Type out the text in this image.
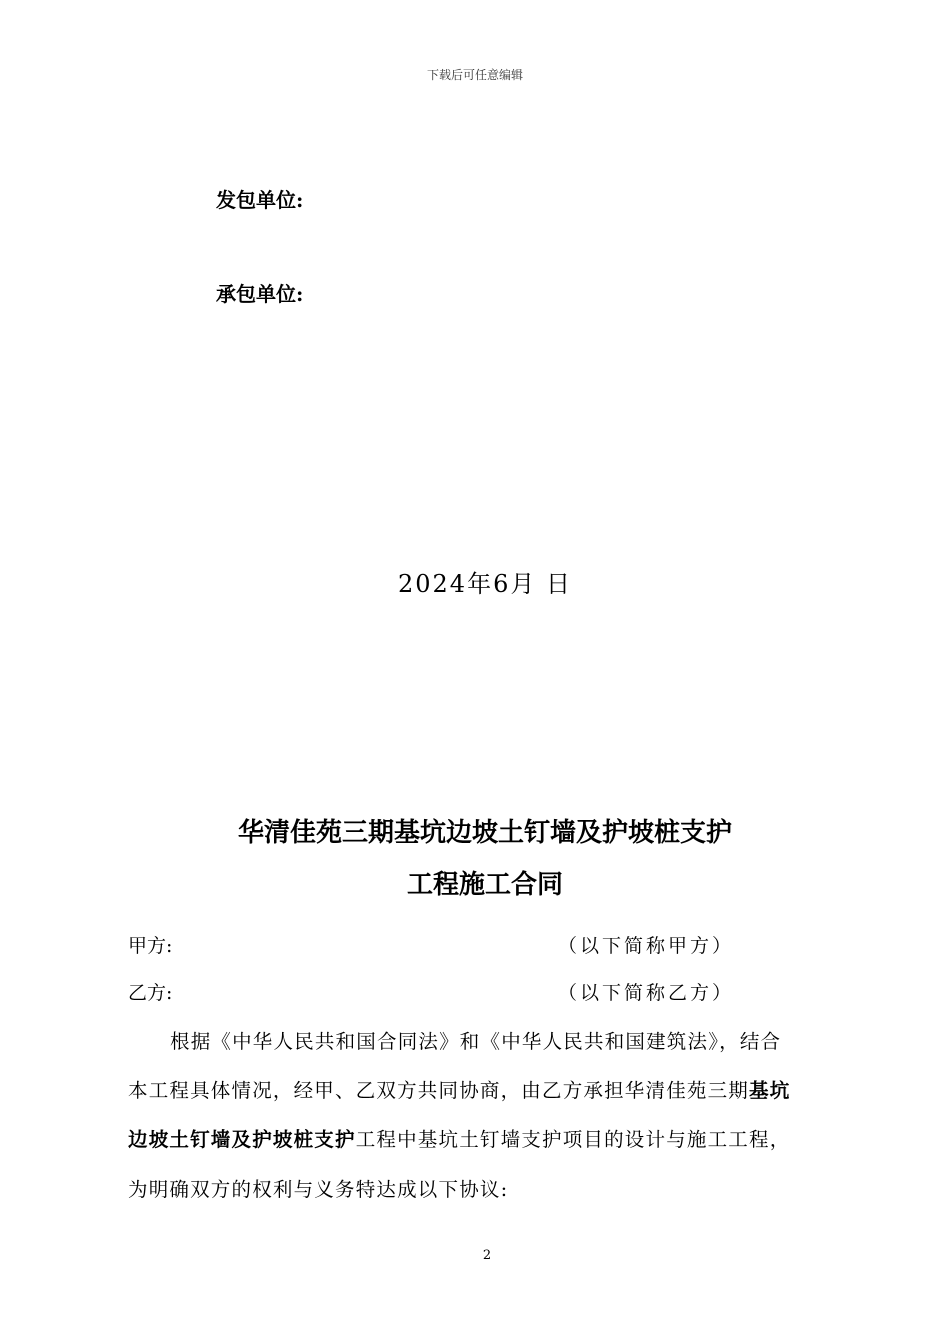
下载后可任意编辑
发包单位:
承包单位:
2024年6月 日
华清佳苑三期基坑边坡土钉墙及护坡桩支护
工程施工合同
甲方:	（以下简称甲方）
乙方:	（以下简称乙方）
根据《中华人民共和国合同法》和《中华人民共和国建筑法》，结合
本工程具体情况，经甲、乙双方共同协商，由乙方承担华清佳苑三期基坑
边坡土钉墙及护坡桩支护工程中基坑土钉墙支护项目的设计与施工工程，
为明确双方的权利与义务特达成以下协议:
2
